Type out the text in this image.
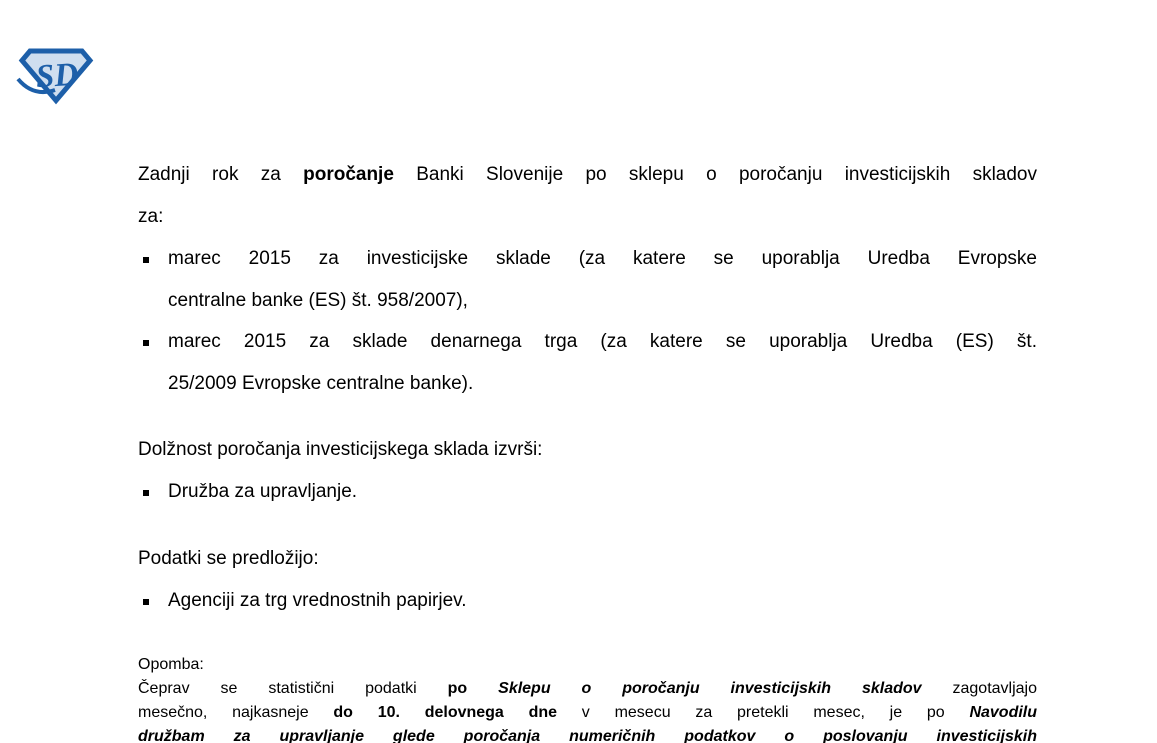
SD
Zadnji rok za poročanje Banki Slovenije po sklepu o poročanju investicijskih skladov
za:
marec 2015 za investicijske sklade (za katere se uporablja Uredba Evropske
centralne banke (ES) št. 958/2007),
marec 2015 za sklade denarnega trga (za katere se uporablja Uredba (ES) št.
25/2009 Evropske centralne banke).
Dolžnost poročanja investicijskega sklada izvrši:
Družba za upravljanje.
Podatki se predložijo:
Agenciji za trg vrednostnih papirjev.
Opomba:
Čeprav se statistični podatki po Sklepu o poročanju investicijskih skladov zagotavljajo
mesečno, najkasneje do 10. delovnega dne v mesecu za pretekli mesec, je po Navodilu
družbam za upravljanje glede poročanja numeričnih podatkov o poslovanju investicijskih
